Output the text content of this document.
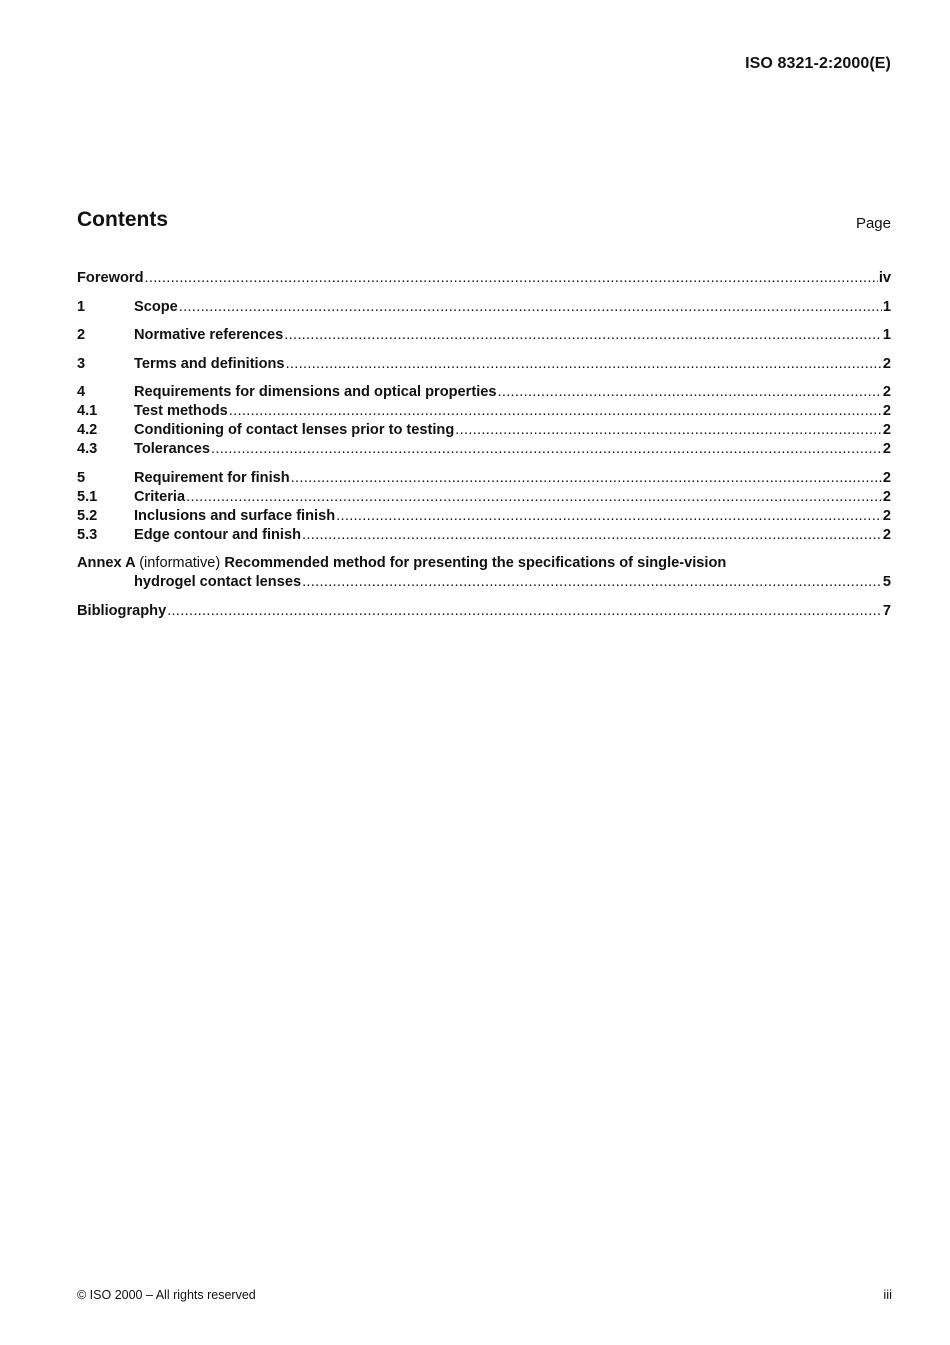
ISO 8321-2:2000(E)
Contents	Page
Foreword .....	iv
1	Scope .....	1
2	Normative references .....	1
3	Terms and definitions .....	2
4	Requirements for dimensions and optical properties .....	2
4.1	Test methods .....	2
4.2	Conditioning of contact lenses prior to testing .....	2
4.3	Tolerances .....	2
5	Requirement for finish .....	2
5.1	Criteria .....	2
5.2	Inclusions and surface finish .....	2
5.3	Edge contour and finish .....	2
Annex A (informative) Recommended method for presenting the specifications of single-vision
hydrogel contact lenses .....	5
Bibliography .....	7
© ISO 2000 – All rights reserved	iii
